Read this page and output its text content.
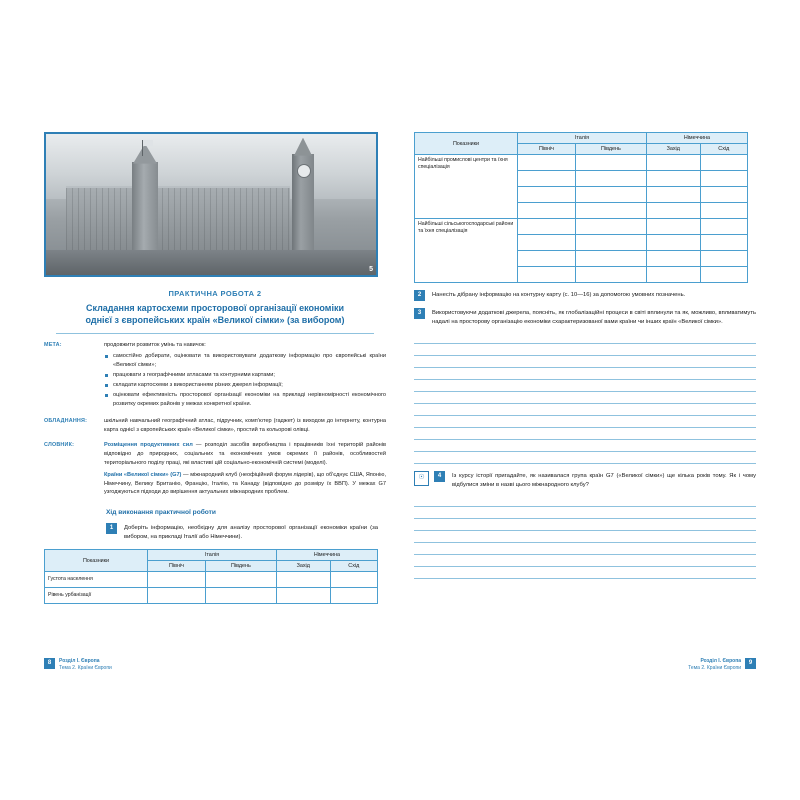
5
ПРАКТИЧНА РОБОТА 2
Складання картосхеми просторової організації економіки
однієї з європейських країн «Великої сімки» (за вибором)
МЕТА:	продовжити розвиток умінь та навичок:

самостійно добирати, оцінювати та використовувати додаткову інформацію про європейські країни «Великої сімки»;
працювати з географічними атласами та контурними картами;
складати картосхеми з використанням різних джерел інформації;
оцінювати ефективність просторової організації економіки на прикладі нерівномірності економічного розвитку окремих районів у межах конкретної країни.
ОБЛАДНАННЯ:	шкільний навчальний географічний атлас, підручник, комп'ютер (гаджет) із виходом до інтернету, контурна карта однієї з європейських країн «Великої сімки», простий та кольорові олівці.
СЛОВНИК:	Розміщення продуктивних сил — розподіл засобів виробництва і працівників їхні територій районів відповідно до природних, соціальних та економічних умов окремих її районів, особливостей територіального поділу праці, які властиві цій соціально-економічній системі (моделі).

Країни «Великої сімки» (G7) — міжнародний клуб (неофіційний форум лідерів), що об'єднує США, Японію, Німеччину, Велику Британію, Францію, Італію, та Канаду (відповідно до розміру їх ВВП). У межах G7 узгоджуються підходи до вирішення актуальних міжнародних проблем.

Хід виконання практичної роботи
1	Доберіть інформацію, необхідну для аналізу просторової організації економіки країни (за вибором, на прикладі Італії або Німеччини).
Показники	Італія		Німеччина	
	Північ	Південь	Захід	Схід
Густота населення				
Рівень урбанізації				
8	Розділ І. Європа
Тема 2. Країни Європи
Показники	Італія		Німеччина	
	Північ	Південь	Захід	Схід
Найбільші промислові центри та їхня спеціалізація				

Найбільші сільськогосподарські райони та їхня спеціалізація				

2	Нанесіть дібрану інформацію на контурну карту (с. 10—16) за допомогою умовних позначень.
3	Використовуючи додаткові джерела, поясніть, як глобалізаційні процеси в світі вплинули та як, можливо, впливатимуть надалі на просторову організацію економіки схарактеризованої вами країни чи інших країн «Великої сімки».
☉	4	Із курсу історії пригадайте, як називалася група країн G7 («Великої сімки») ще кілька років тому. Як і чому відбулися зміни в назві цього міжнародного клубу?
Розділ І. Європа
Тема 2. Країни Європи
9
